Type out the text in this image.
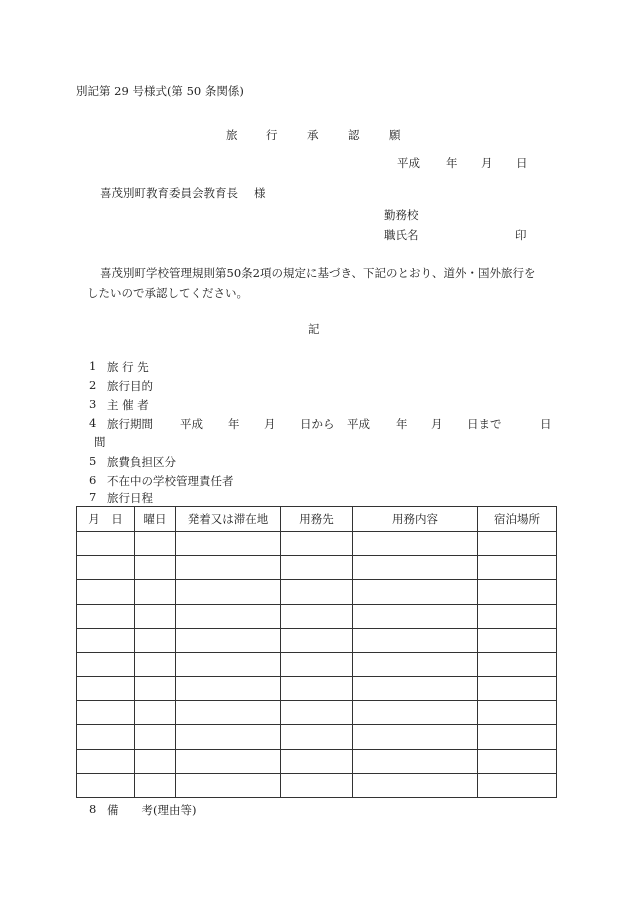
別記第 29 号様式(第 50 条関係)
旅 行	承	認	願
平成 年 月 日
喜茂別町教育委員会教育長 様
勤務校
職氏名	印
喜茂別町学校管理規則第50条2項の規定に基づき、下記のとおり、道外・国外旅行を
したいので承認してください。
記
1 旅 行 先
2 旅行目的
3 主 催 者
4 旅行期間 平成 年 月 日から 平成 年 月 日まで	日
間
5 旅費負担区分
6 不在中の学校管理責任者
7 旅行日程
月　日	曜日	発着又は滞在地	用務先	用務内容	宿泊場所

8 備　　考(理由等)
